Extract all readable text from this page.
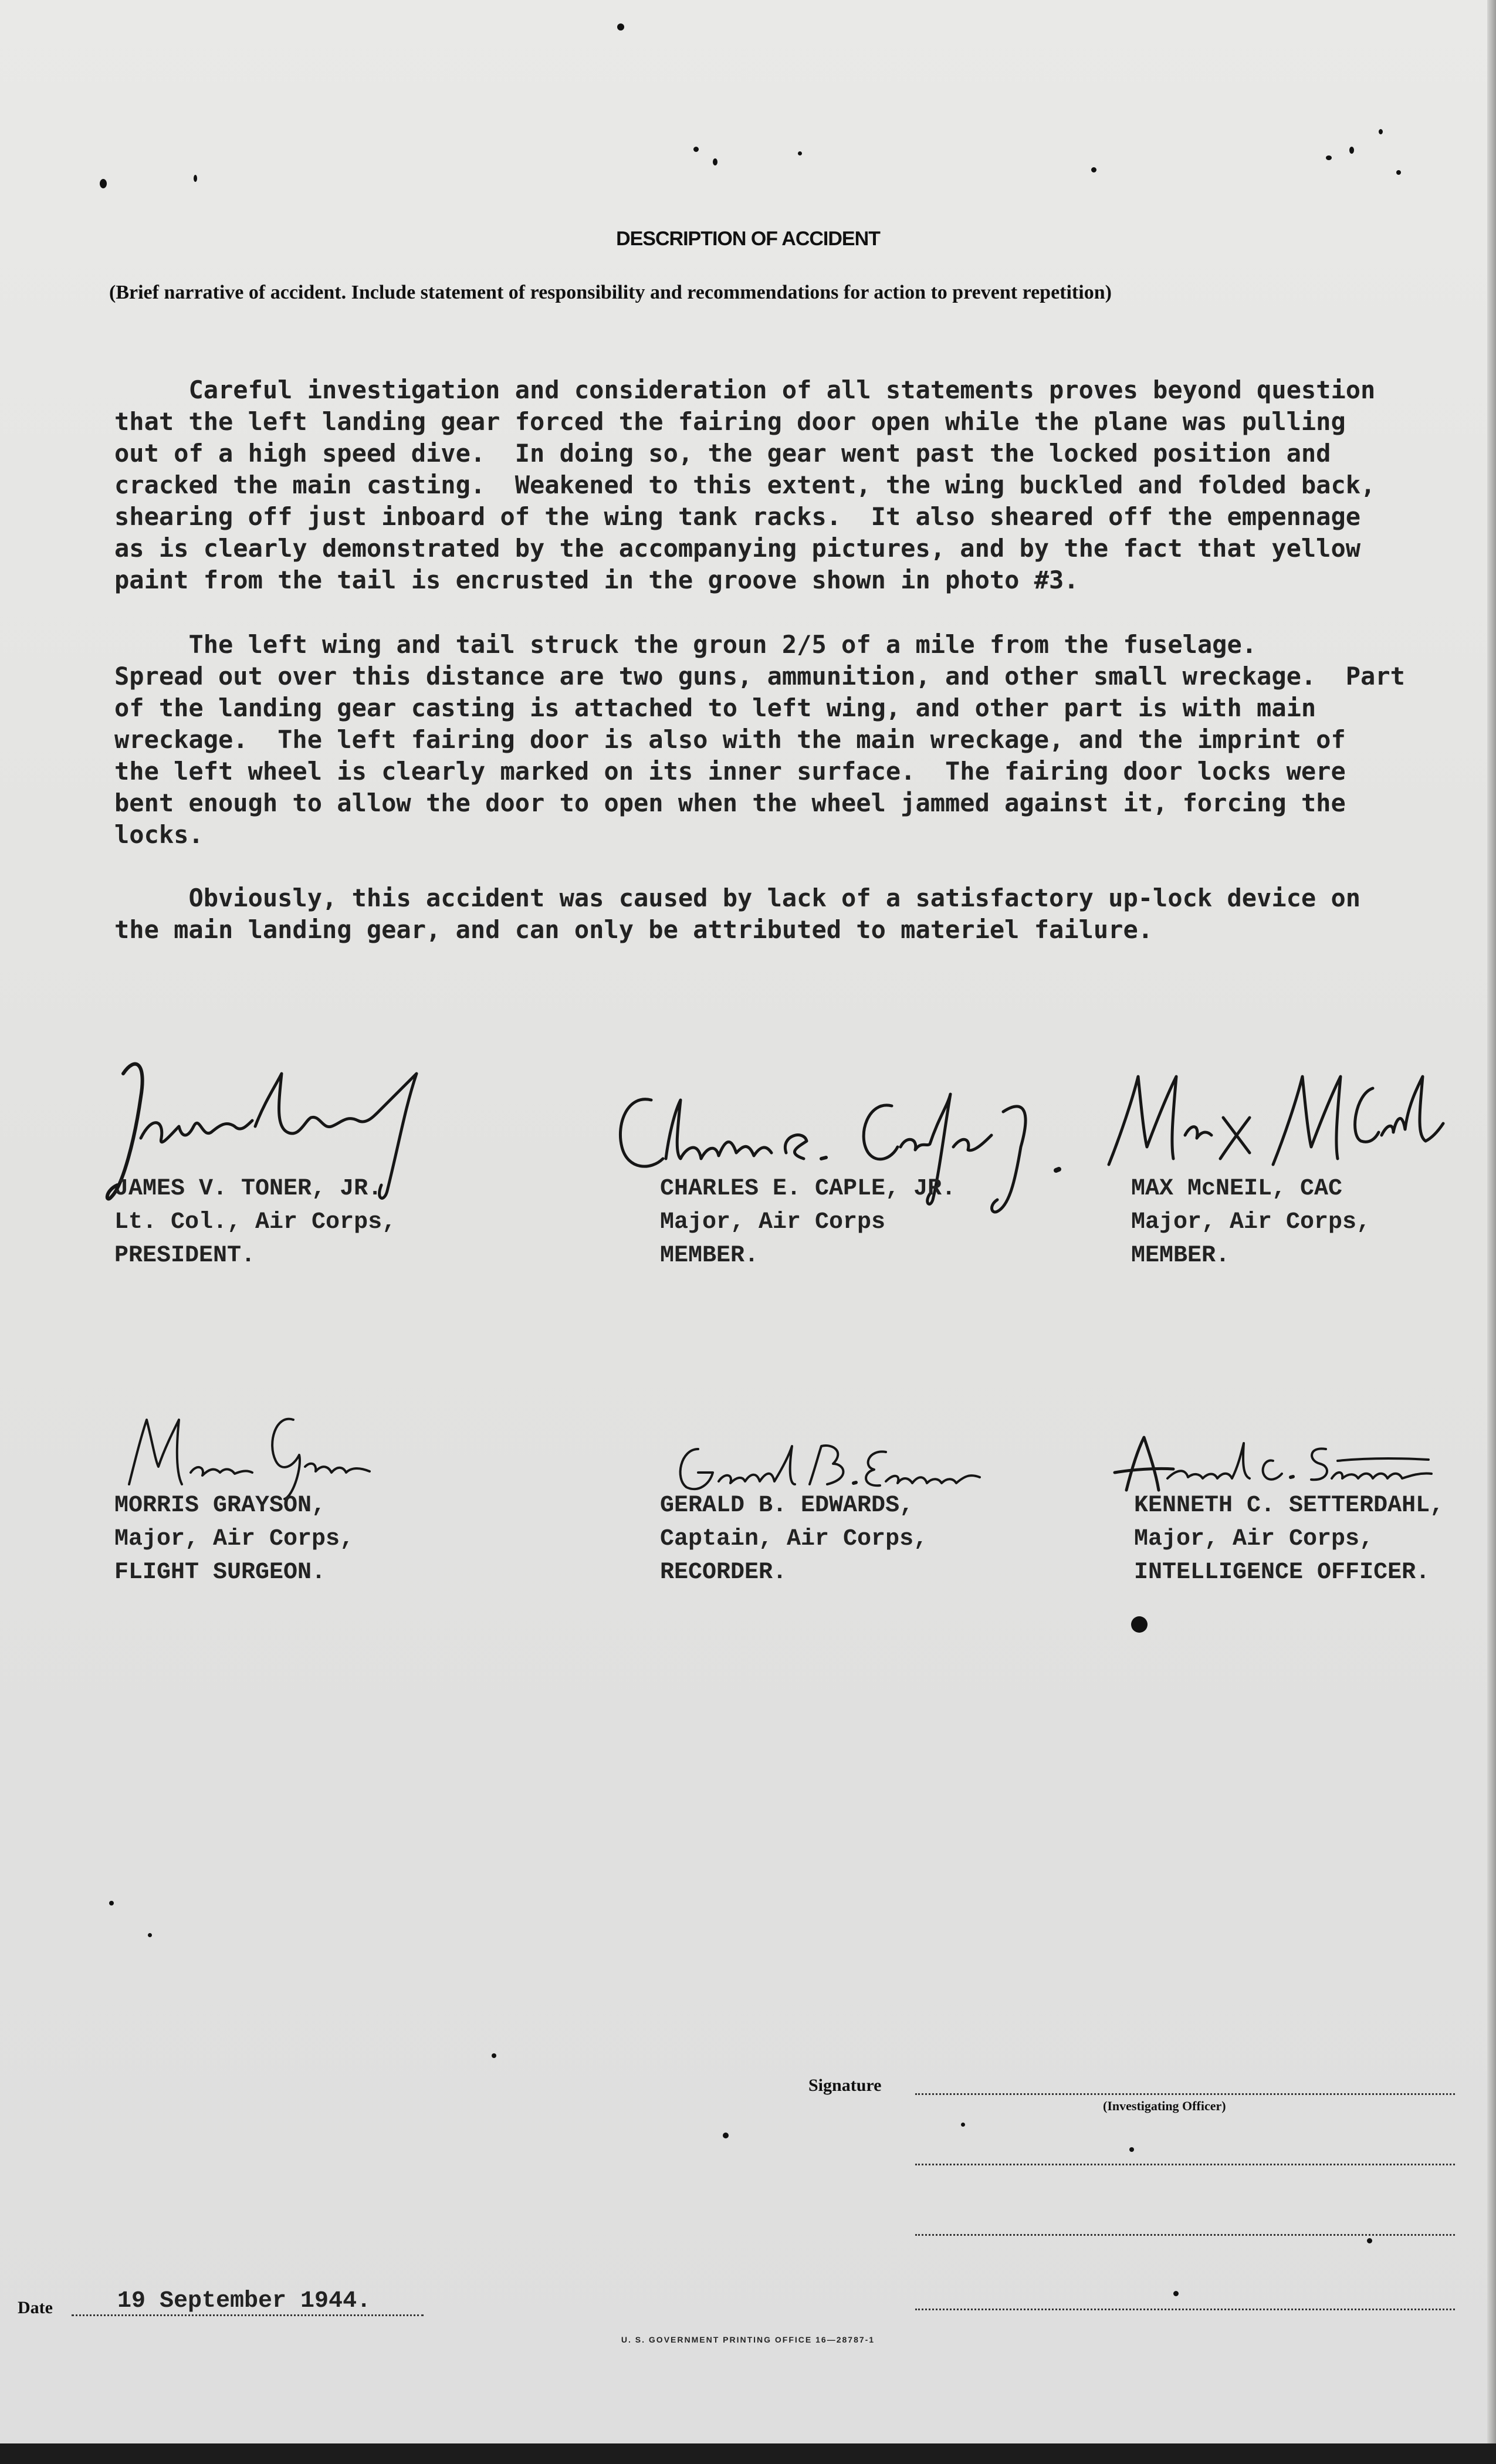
DESCRIPTION OF ACCIDENT
(Brief narrative of accident. Include statement of responsibility and recommendations for action to prevent repetition)
Careful investigation and consideration of all statements proves beyond question
that the left landing gear forced the fairing door open while the plane was pulling
out of a high speed dive.  In doing so, the gear went past the locked position and
cracked the main casting.  Weakened to this extent, the wing buckled and folded back,
shearing off just inboard of the wing tank racks.  It also sheared off the empennage
as is clearly demonstrated by the accompanying pictures, and by the fact that yellow
paint from the tail is encrusted in the groove shown in photo #3.
The left wing and tail struck the groun 2/5 of a mile from the fuselage.
Spread out over this distance are two guns, ammunition, and other small wreckage.  Part
of the landing gear casting is attached to left wing, and other part is with main
wreckage.  The left fairing door is also with the main wreckage, and the imprint of
the left wheel is clearly marked on its inner surface.  The fairing door locks were
bent enough to allow the door to open when the wheel jammed against it, forcing the
locks.
Obviously, this accident was caused by lack of a satisfactory up-lock device on
the main landing gear, and can only be attributed to materiel failure.
JAMES V. TONER, JR.
Lt. Col., Air Corps,
PRESIDENT.
CHARLES E. CAPLE, JR.
Major, Air Corps
MEMBER.
MAX McNEIL, CAC
Major, Air Corps,
MEMBER.
MORRIS GRAYSON,
Major, Air Corps,
FLIGHT SURGEON.
GERALD B. EDWARDS,
Captain, Air Corps,
RECORDER.
KENNETH C. SETTERDAHL,
Major, Air Corps,
INTELLIGENCE OFFICER.
Signature
(Investigating Officer)
Date	19 September 1944.
U. S. GOVERNMENT PRINTING OFFICE 16—28787-1
